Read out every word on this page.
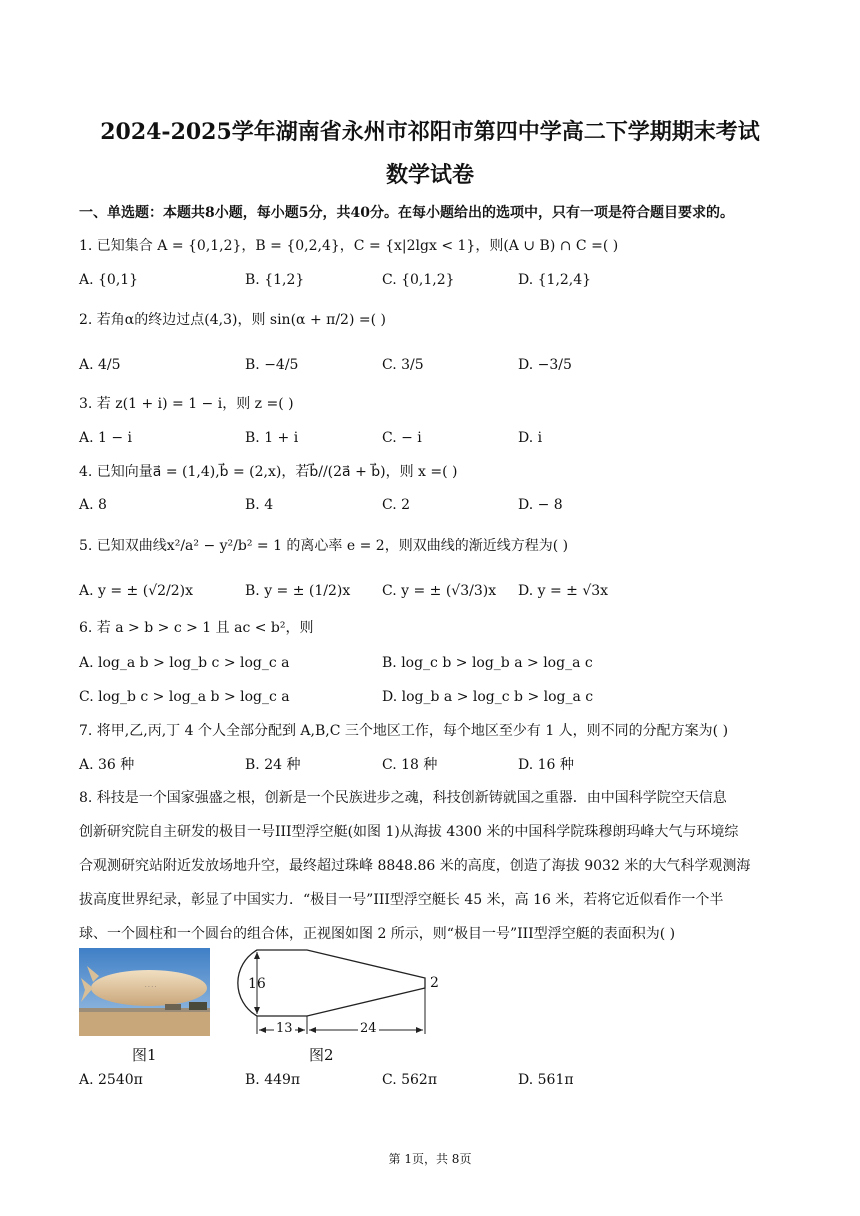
2024-2025学年湖南省永州市祁阳市第四中学高二下学期期末考试
数学试卷
一、单选题：本题共8小题，每小题5分，共40分。在每小题给出的选项中，只有一项是符合题目要求的。
1. 已知集合 A = {0,1,2}，B = {0,2,4}，C = {x|2lgx < 1}，则(A ∪ B) ∩ C =( )
A. {0,1}	B. {1,2}	C. {0,1,2}	D. {1,2,4}
2. 若角α的终边过点(4,3)，则 sin(α + π/2) =( )
A. 4/5	B. −4/5	C. 3/5	D. −3/5
3. 若 z(1 + i) = 1 − i，则 z =( )
A. 1 − i	B. 1 + i	C. − i	D. i
4. 已知向量a⃗ = (1,4),b⃗ = (2,x)，若b⃗//(2a⃗ + b⃗)，则 x =( )
A. 8	B. 4	C. 2	D. − 8
5. 已知双曲线x²/a² − y²/b² = 1 的离心率 e = 2，则双曲线的渐近线方程为( )
A. y = ± (√2/2)x	B. y = ± (1/2)x C. y = ± (√3/3)x D. y = ± √3x
6. 若 a > b > c > 1 且 ac < b²，则
A. log_a b > log_b c > log_c a	B. log_c b > log_b a > log_a c
C. log_b c > log_a b > log_c a	D. log_b a > log_c b > log_a c
7. 将甲,乙,丙,丁 4 个人全部分配到 A,B,C 三个地区工作，每个地区至少有 1 人，则不同的分配方案为( )
A. 36 种	B. 24 种	C. 18 种	D. 16 种
8. 科技是一个国家强盛之根，创新是一个民族进步之魂，科技创新铸就国之重器．由中国科学院空天信息
创新研究院自主研发的极目一号III型浮空艇(如图 1)从海拔 4300 米的中国科学院珠穆朗玛峰大气与环境综
合观测研究站附近发放场地升空，最终超过珠峰 8848.86 米的高度，创造了海拔 9032 米的大气科学观测海
拔高度世界纪录，彰显了中国实力．“极目一号”III型浮空艇长 45 米，高 16 米，若将它近似看作一个半
球、一个圆柱和一个圆台的组合体，正视图如图 2 所示，则“极目一号”III型浮空艇的表面积为( )
· · · ·	16	2
13	24
图1	图2
A. 2540π	B. 449π	C. 562π	D. 561π
第 1页，共 8页
